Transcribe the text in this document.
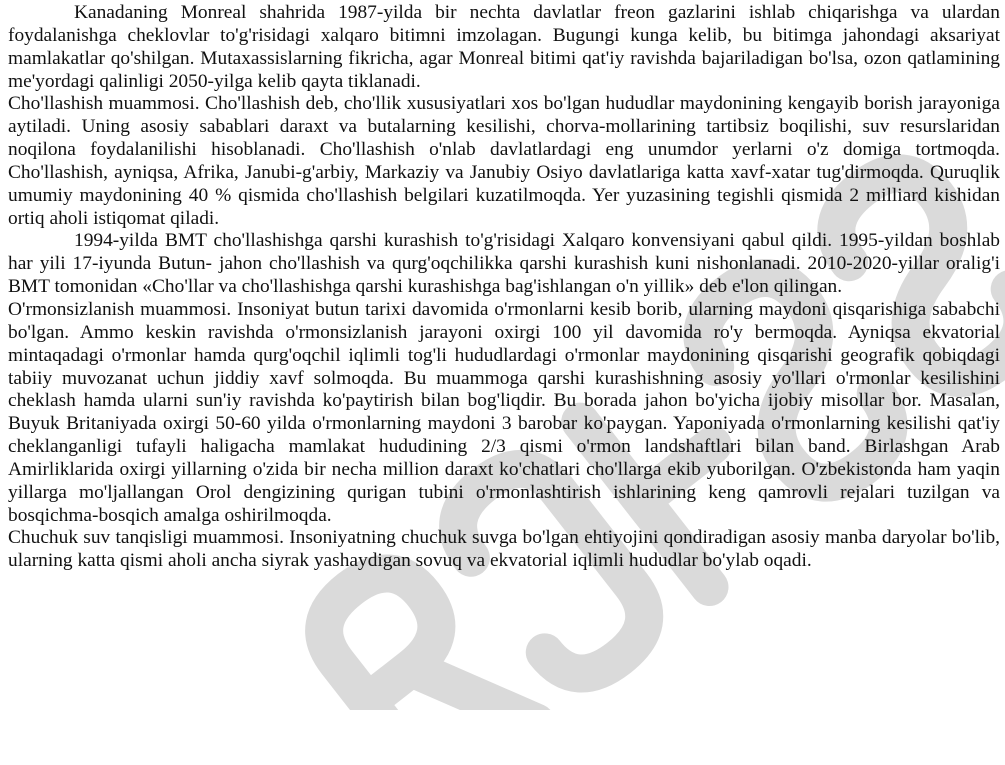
Kanadaning Monreal shahrida 1987-yilda bir nechta davlatlar freon gazlarini ishlab chiqarishga va ulardan foydalanishga cheklovlar to'g'risidagi xalqaro bitimni imzolagan. Bugungi kunga kelib, bu bitimga jahondagi aksariyat mamlakatlar qo'shilgan. Mutaxassislarning fikricha, agar Monreal bitimi qat'iy ravishda bajariladigan bo'lsa, ozon qatlamining me'yordagi qalinligi 2050-yilga kelib qayta tiklanadi.

Cho'llashish muammosi. Cho'llashish deb, cho'llik xususiyatlari xos bo'lgan hududlar maydonining kengayib borish jarayoniga aytiladi. Uning asosiy sabablari daraxt va butalarning kesilishi, chorva-mollarining tartibsiz boqilishi, suv resurslaridan noqilona foydalanilishi hisoblanadi. Cho'llashish o'nlab davlatlardagi eng unumdor yerlarni o'z domiga tortmoqda. Cho'llashish, ayniqsa, Afrika, Janubi-g'arbiy, Markaziy va Janubiy Osiyo davlatlariga katta xavf-xatar tug'dirmoqda. Quruqlik umumiy maydonining 40 % qismida cho'llashish belgilari kuzatilmoqda. Yer yuzasining tegishli qismida 2 milliard kishidan ortiq aholi istiqomat qiladi.

1994-yilda BMT cho'llashishga qarshi kurashish to'g'risidagi Xalqaro konvensiyani qabul qildi. 1995-yildan boshlab har yili 17-iyunda Butun- jahon cho'llashish va qurg'oqchilikka qarshi kurashish kuni nishonlanadi. 2010-2020-yillar oralig'i BMT tomonidan «Cho'llar va cho'llashishga qarshi kurashishga bag'ishlangan o'n yillik» deb e'lon qilingan.

O'rmonsizlanish muammosi. Insoniyat butun tarixi davomida o'rmonlarni kesib borib, ularning maydoni qisqarishiga sababchi bo'lgan. Ammo keskin ravishda o'rmonsizlanish jarayoni oxirgi 100 yil davomida ro'y bermoqda. Ayniqsa ekvatorial mintaqadagi o'rmonlar hamda qurg'oqchil iqlimli tog'li hududlardagi o'rmonlar maydonining qisqarishi geografik qobiqdagi tabiiy muvozanat uchun jiddiy xavf solmoqda. Bu muammoga qarshi kurashishning asosiy yo'llari o'rmonlar kesilishini cheklash hamda ularni sun'iy ravishda ko'paytirish bilan bog'liqdir. Bu borada jahon bo'yicha ijobiy misollar bor. Masalan, Buyuk Britaniyada oxirgi 50-60 yilda o'rmonlarning maydoni 3 barobar ko'paygan. Yaponiyada o'rmonlarning kesilishi qat'iy cheklanganligi tufayli haligacha mamlakat hududining 2/3 qismi o'rmon landshaftlari bilan band. Birlashgan Arab Amirliklarida oxirgi yillarning o'zida bir necha million daraxt ko'chatlari cho'llarga ekib yuborilgan. O'zbekistonda ham yaqin yillarga mo'ljallangan Orol dengizining qurigan tubini o'rmonlashtirish ishlarining keng qamrovli rejalari tuzilgan va bosqichma-bosqich amalga oshirilmoqda.

Chuchuk suv tanqisligi muammosi. Insoniyatning chuchuk suvga bo'lgan ehtiyojini qondiradigan asosiy manba daryolar bo'lib, ularning katta qismi aholi ancha siyrak yashaydigan sovuq va ekvatorial iqlimli hududlar bo'ylab oqadi.
